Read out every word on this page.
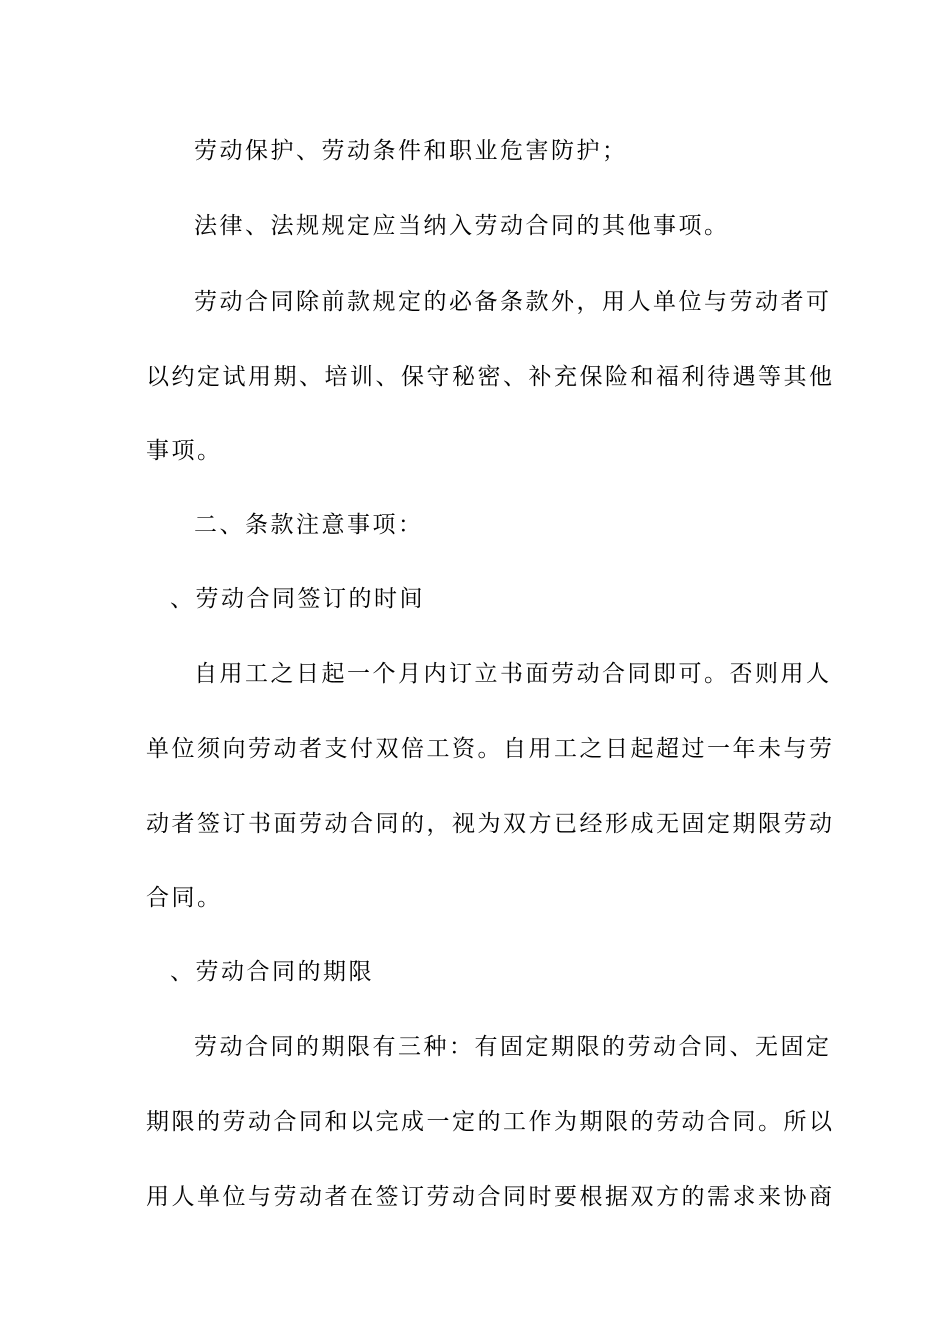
劳动保护、劳动条件和职业危害防护；
法律、法规规定应当纳入劳动合同的其他事项。
劳动合同除前款规定的必备条款外，用人单位与劳动者可
以约定试用期、培训、保守秘密、补充保险和福利待遇等其他
事项。
二、条款注意事项：
、劳动合同签订的时间
自用工之日起一个月内订立书面劳动合同即可。否则用人
单位须向劳动者支付双倍工资。自用工之日起超过一年未与劳
动者签订书面劳动合同的，视为双方已经形成无固定期限劳动
合同。
、劳动合同的期限
劳动合同的期限有三种：有固定期限的劳动合同、无固定
期限的劳动合同和以完成一定的工作为期限的劳动合同。所以
用人单位与劳动者在签订劳动合同时要根据双方的需求来协商
